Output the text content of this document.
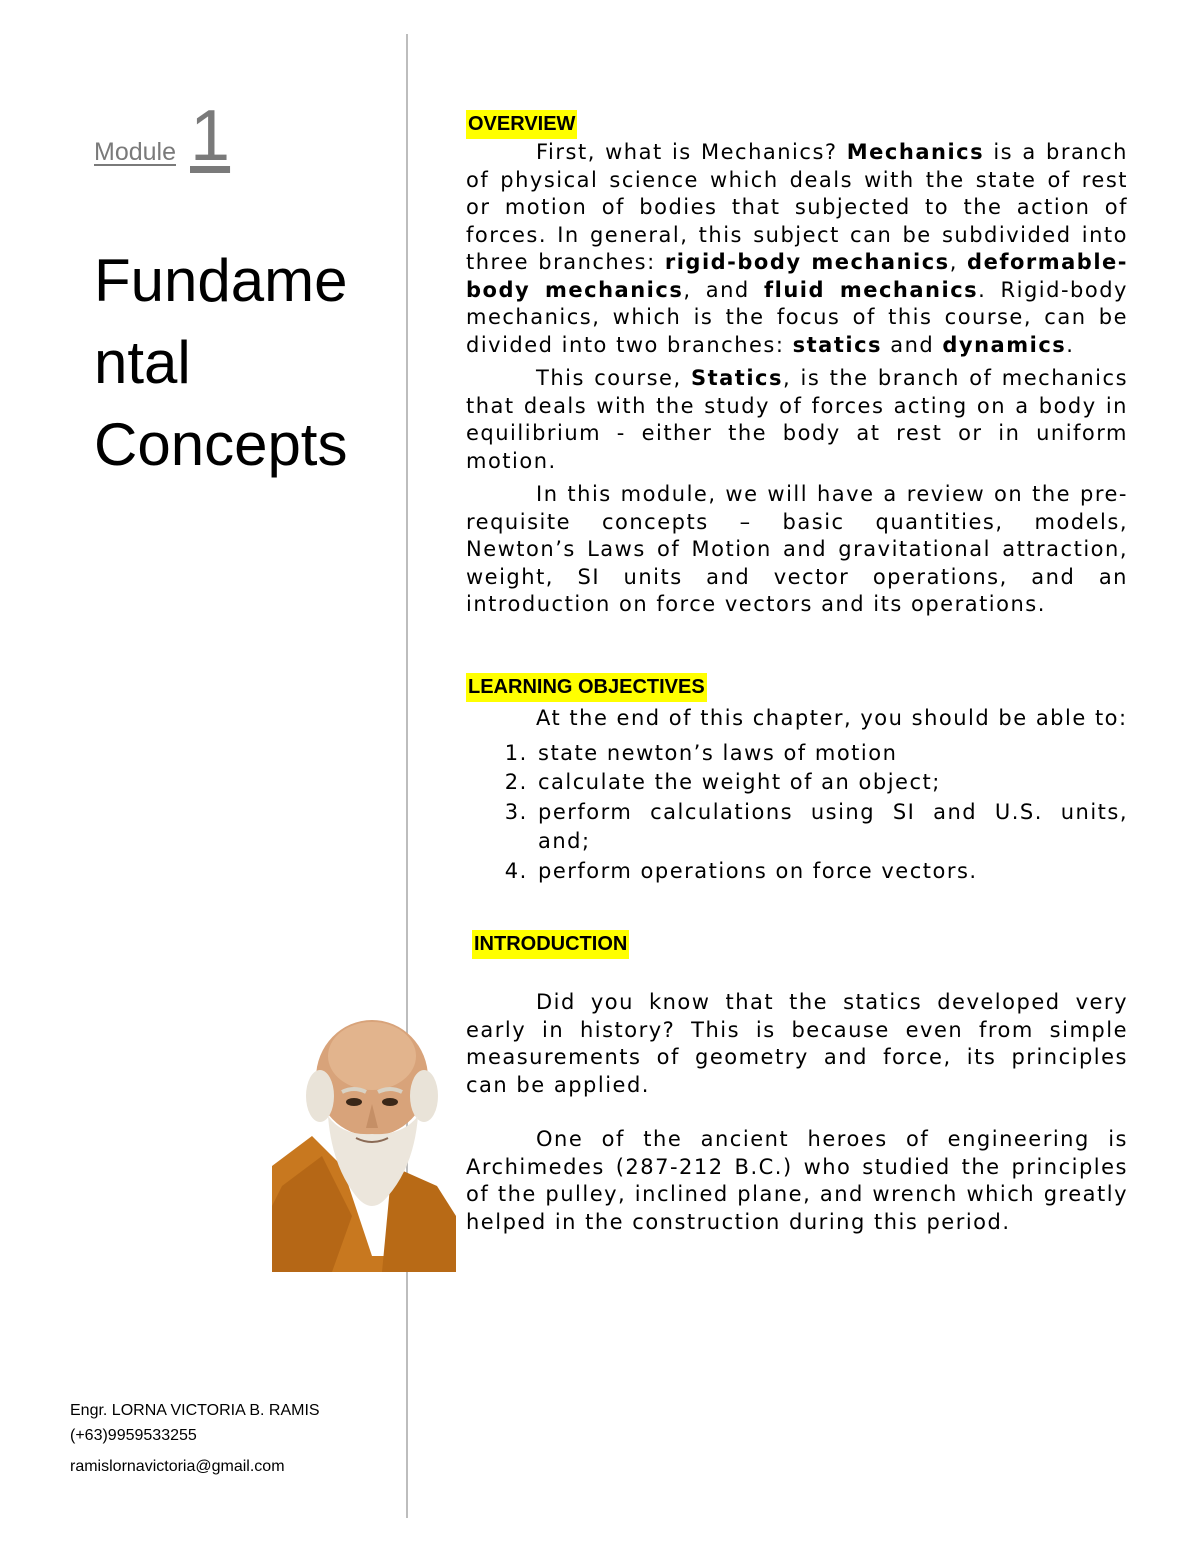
Module 1
Fundame
ntal
Concepts
Engr. LORNA VICTORIA B. RAMIS
(+63)9959533255
ramislornavictoria@gmail.com
OVERVIEW

First, what is Mechanics? Mechanics is a branch of physical science which deals with the state of rest or motion of bodies that subjected to the action of forces. In general, this subject can be subdivided into three branches: rigid-body mechanics, deformable-body mechanics, and fluid mechanics. Rigid-body mechanics, which is the focus of this course, can be divided into two branches: statics and dynamics.

This course, Statics, is the branch of mechanics that deals with the study of forces acting on a body in equilibrium - either the body at rest or in uniform motion.

In this module, we will have a review on the pre-requisite concepts – basic quantities, models, Newton’s Laws of Motion and gravitational attraction, weight, SI units and vector operations, and an introduction on force vectors and its operations.

LEARNING OBJECTIVES

At the end of this chapter, you should be able to:

1. state newton’s laws of motion
2. calculate the weight of an object;
3. perform calculations using SI and U.S. units, and;
4. perform operations on force vectors.
INTRODUCTION

Did you know that the statics developed very early in history? This is because even from simple measurements of geometry and force, its principles can be applied.

One of the ancient heroes of engineering is Archimedes (287-212 B.C.) who studied the principles of the pulley, inclined plane, and wrench which greatly helped in the construction during this period.
